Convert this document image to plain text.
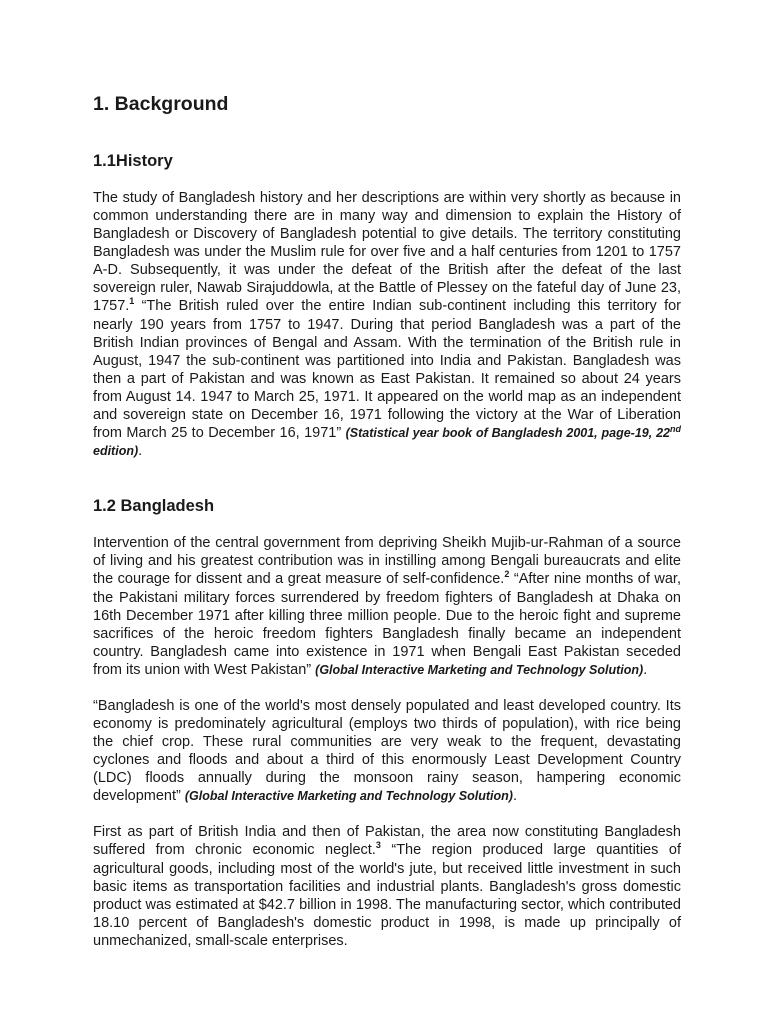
1. Background
1.1History

The study of Bangladesh history and her descriptions are within very shortly as because in common understanding there are in many way and dimension to explain the History of Bangladesh or Discovery of Bangladesh potential to give details. The territory constituting Bangladesh was under the Muslim rule for over five and a half centuries from 1201 to 1757 A-D. Subsequently, it was under the defeat of the British after the defeat of the last sovereign ruler, Nawab Sirajuddowla, at the Battle of Plessey on the fateful day of June 23, 1757.$^1$ “The British ruled over the entire Indian sub-continent including this territory for nearly 190 years from 1757 to 1947. During that period Bangladesh was a part of the British Indian provinces of Bengal and Assam. With the termination of the British rule in August, 1947 the sub-continent was partitioned into India and Pakistan. Bangladesh was then a part of Pakistan and was known as East Pakistan. It remained so about 24 years from August 14. 1947 to March 25, 1971. It appeared on the world map as an independent and sovereign state on December 16, 1971 following the victory at the War of Liberation from March 25 to December 16, 1971” (Statistical year book of Bangladesh 2001, page-19, 22nd edition).

1.2 Bangladesh

Intervention of the central government from depriving Sheikh Mujib-ur-Rahman of a source of living and his greatest contribution was in instilling among Bengali bureaucrats and elite the courage for dissent and a great measure of self-confidence.$^2$ “After nine months of war, the Pakistani military forces surrendered by freedom fighters of Bangladesh at Dhaka on 16th December 1971 after killing three million people. Due to the heroic fight and supreme sacrifices of the heroic freedom fighters Bangladesh finally became an independent country. Bangladesh came into existence in 1971 when Bengali East Pakistan seceded from its union with West Pakistan” (Global Interactive Marketing and Technology Solution).

“Bangladesh is one of the world's most densely populated and least developed country. Its economy is predominately agricultural (employs two thirds of population), with rice being the chief crop. These rural communities are very weak to the frequent, devastating cyclones and floods and about a third of this enormously Least Development Country (LDC) floods annually during the monsoon rainy season, hampering economic development” (Global Interactive Marketing and Technology Solution).

First as part of British India and then of Pakistan, the area now constituting Bangladesh suffered from chronic economic neglect.$^3$ “The region produced large quantities of agricultural goods, including most of the world's jute, but received little investment in such basic items as transportation facilities and industrial plants. Bangladesh's gross domestic product was estimated at $42.7 billion in 1998. The manufacturing sector, which contributed 18.10 percent of Bangladesh's domestic product in 1998, is made up principally of unmechanized, small-scale enterprises.
